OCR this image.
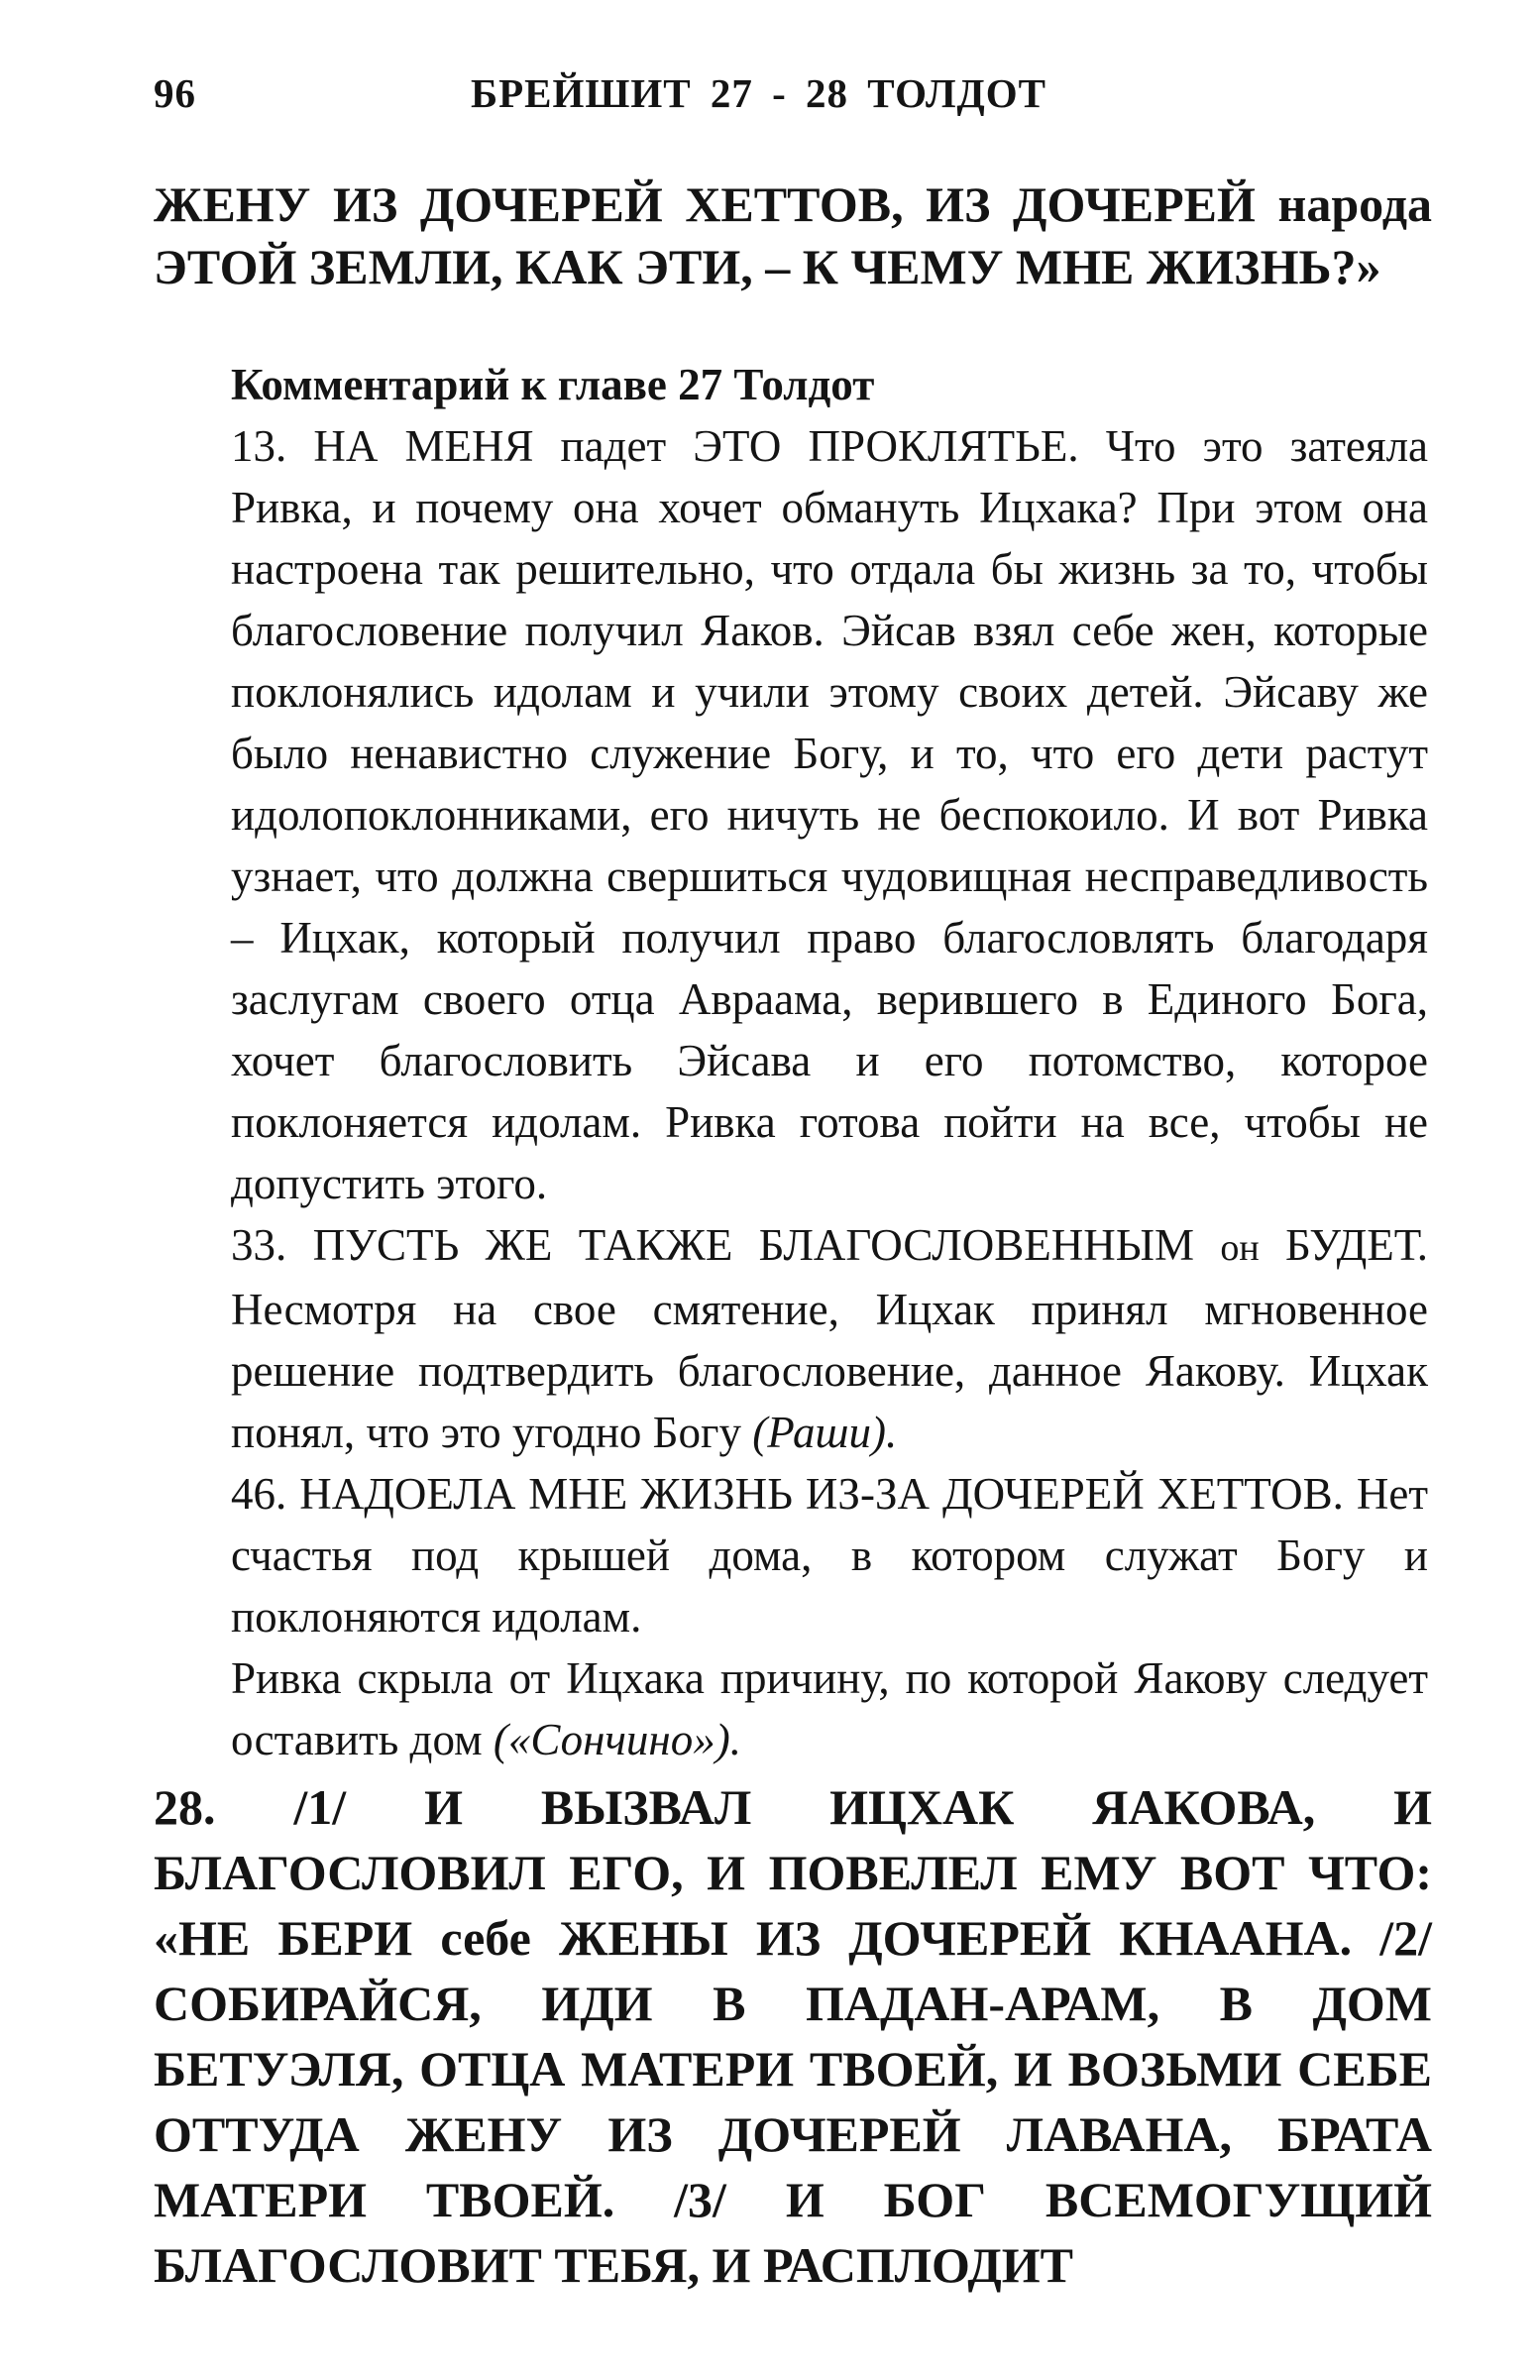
96	БРЕЙШИТ 27 - 28 ТОЛДОТ

ЖЕНУ ИЗ ДОЧЕРЕЙ ХЕТТОВ, ИЗ ДОЧЕРЕЙ народа ЭТОЙ ЗЕМЛИ, КАК ЭТИ, – К ЧЕМУ МНЕ ЖИЗНЬ?»

Комментарий к главе 27 Толдот

13. НА МЕНЯ падет ЭТО ПРОКЛЯТЬЕ. Что это затеяла Ривка, и почему она хочет обмануть Ицхака? При этом она настроена так решительно, что отдала бы жизнь за то, чтобы благословение получил Яаков. Эйсав взял себе жен, которые поклонялись идолам и учили этому своих детей. Эйсаву же было ненавистно служение Богу, и то, что его дети растут идолопоклонниками, его ничуть не беспокоило. И вот Ривка узнает, что должна свершиться чудовищная несправедливость – Ицхак, который получил право благословлять благодаря заслугам своего отца Авраама, верившего в Единого Бога, хочет благословить Эйсава и его потомство, которое поклоняется идолам. Ривка готова пойти на все, чтобы не допустить этого.

33. ПУСТЬ ЖЕ ТАКЖЕ БЛАГОСЛОВЕННЫМ он БУДЕТ. Несмотря на свое смятение, Ицхак принял мгновенное решение подтвердить благословение, данное Яакову. Ицхак понял, что это угодно Богу (Раши).

46. НАДОЕЛА МНЕ ЖИЗНЬ ИЗ-ЗА ДОЧЕРЕЙ ХЕТТОВ. Нет счастья под крышей дома, в котором служат Богу и поклоняются идолам.

Ривка скрыла от Ицхака причину, по которой Яакову следует оставить дом («Сончино»).

28. /1/ И ВЫЗВАЛ ИЦХАК ЯАКОВА, И БЛАГОСЛОВИЛ ЕГО, И ПОВЕЛЕЛ ЕМУ ВОТ ЧТО: «НЕ БЕРИ себе ЖЕНЫ ИЗ ДОЧЕРЕЙ КНААНА. /2/ СОБИРАЙСЯ, ИДИ В ПАДАН-АРАМ, В ДОМ БЕТУЭЛЯ, ОТЦА МАТЕРИ ТВОЕЙ, И ВОЗЬМИ СЕБЕ ОТТУДА ЖЕНУ ИЗ ДОЧЕРЕЙ ЛАВАНА, БРАТА МАТЕРИ ТВОЕЙ. /3/ И БОГ ВСЕМОГУЩИЙ БЛАГОСЛОВИТ ТЕБЯ, И РАСПЛОДИТ
